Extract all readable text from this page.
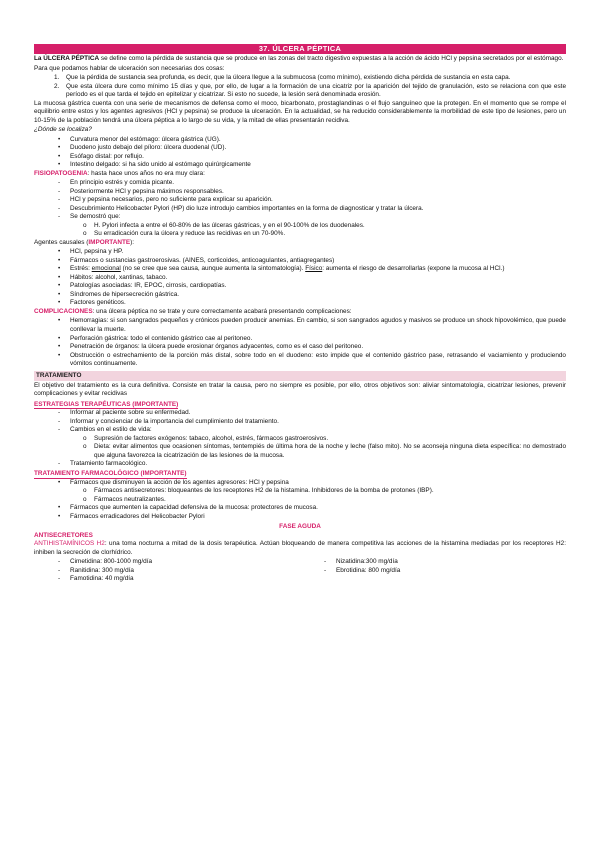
37. ÚLCERA PÉPTICA

La ÚLCERA PÉPTICA se define como la pérdida de sustancia que se produce en las zonas del tracto digestivo expuestas a la acción de ácido HCl y pepsina secretados por el estómago.

Para que podamos hablar de ulceración son necesarias dos cosas:

1. Que la pérdida de sustancia sea profunda, es decir, que la úlcera llegue a la submucosa (como mínimo), existiendo dicha pérdida de sustancia en esta capa.
2. Que esta úlcera dure como mínimo 15 días y que, por ello, de lugar a la formación de una cicatriz por la aparición del tejido de granulación, esto se relaciona con que este período es el que tarda el tejido en epitelizar y cicatrizar. Si esto no sucede, la lesión será denominada erosión.

La mucosa gástrica cuenta con una serie de mecanismos de defensa como el moco, bicarbonato, prostaglandinas o el flujo sanguíneo que la protegen. En el momento que se rompe el equilibrio entre estos y los agentes agresivos (HCl y pepsina) se produce la ulceración. En la actualidad, se ha reducido considerablemente la morbilidad de este tipo de lesiones, pero un 10-15% de la población tendrá una úlcera péptica a lo largo de su vida, y la mitad de ellas presentarán recidiva.

¿Dónde se localiza?

• Curvatura menor del estómago: úlcera gástrica (UG).
• Duodeno justo debajo del píloro: úlcera duodenal (UD).
• Esófago distal: por reflujo.
• Intestino delgado: si ha sido unido al estómago quirúrgicamente

FISIOPATOGENIA: hasta hace unos años no era muy clara:

- En principio estrés y comida picante.
- Posteriormente HCl y pepsina máximos responsables.
- HCl y pepsina necesarios, pero no suficiente para explicar su aparición.
- Descubrimiento Helicobacter Pylori (HP) dio luze introdujo cambios importantes en la forma de diagnosticar y tratar la úlcera.
- Se demostró que:
o H. Pylori infecta a entre el 60-80% de las úlceras gástricas, y en el 90-100% de los duodenales.
o Su erradicación cura la úlcera y reduce las recidivas en un 70-90%.

Agentes causales (IMPORTANTE):

• HCl, pepsina y HP.
• Fármacos o sustancias gastroerosivas. (AINES, corticoides, anticoagulantes, antiagregantes)
• Estrés: emocional (no se cree que sea causa, aunque aumenta la sintomatología). Físico: aumenta el riesgo de desarrollarlas (expone la mucosa al HCl.)
• Hábitos: alcohol, xantinas, tabaco.
• Patologías asociadas: IR, EPOC, cirrosis, cardiopatías.
• Síndromes de hipersecreción gástrica.
• Factores genéticos.

COMPLICACIONES: una úlcera péptica no se trate y cure correctamente acabará presentando complicaciones:

• Hemorragias: si son sangrados pequeños y crónicos pueden producir anemias. En cambio, si son sangrados agudos y masivos se produce un shock hipovolémico, que puede conllevar la muerte.
• Perforación gástrica: todo el contenido gástrico cae al peritoneo.
• Penetración de órganos: la úlcera puede erosionar órganos adyacentes, como es el caso del peritoneo.
• Obstrucción o estrechamiento de la porción más distal, sobre todo en el duodeno: esto impide que el contenido gástrico pase, retrasando el vaciamiento y produciendo vómitos continuamente.
TRATAMIENTO

El objetivo del tratamiento es la cura definitiva. Consiste en tratar la causa, pero no siempre es posible, por ello, otros objetivos son: aliviar sintomatología, cicatrizar lesiones, prevenir complicaciones y evitar recidivas

ESTRATEGIAS TERAPÉUTICAS (IMPORTANTE)
- Informar al paciente sobre su enfermedad.
- Informar y concienciar de la importancia del cumplimiento del tratamiento.
- Cambios en el estilo de vida:
o Supresión de factores exógenos: tabaco, alcohol, estrés, fármacos gastroerosivos.
o Dieta: evitar alimentos que ocasionen síntomas, tentempiés de última hora de la noche y leche (falso mito). No se aconseja ninguna dieta específica: no demostrado que alguna favorezca la cicatrización de las lesiones de la mucosa.
- Tratamiento farmacológico.
TRATAMIENTO FARMACOLÓGICO (IMPORTANTE)
• Fármacos que disminuyen la acción de los agentes agresores: HCl y pepsina
o Fármacos antisecretores: bloqueantes de los receptores H2 de la histamina. Inhibidores de la bomba de protones (IBP).
o Fármacos neutralizantes.
• Fármacos que aumenten la capacidad defensiva de la mucosa: protectores de mucosa.
• Fármacos erradicadores del Helicobacter Pylori
FASE AGUDA
ANTISECRETORES

ANTIHISTAMÍNICOS H2: una toma nocturna a mitad de la dosis terapéutica. Actúan bloqueando de manera competitiva las acciones de la histamina mediadas por los receptores H2: inhiben la secreción de clorhídrico.

- Cimetidina: 800-1000 mg/día
- Ranitidina: 300 mg/día
- Famotidina: 40 mg/día
- Nizatidina:300 mg/día
- Ebrotidina: 800 mg/día
